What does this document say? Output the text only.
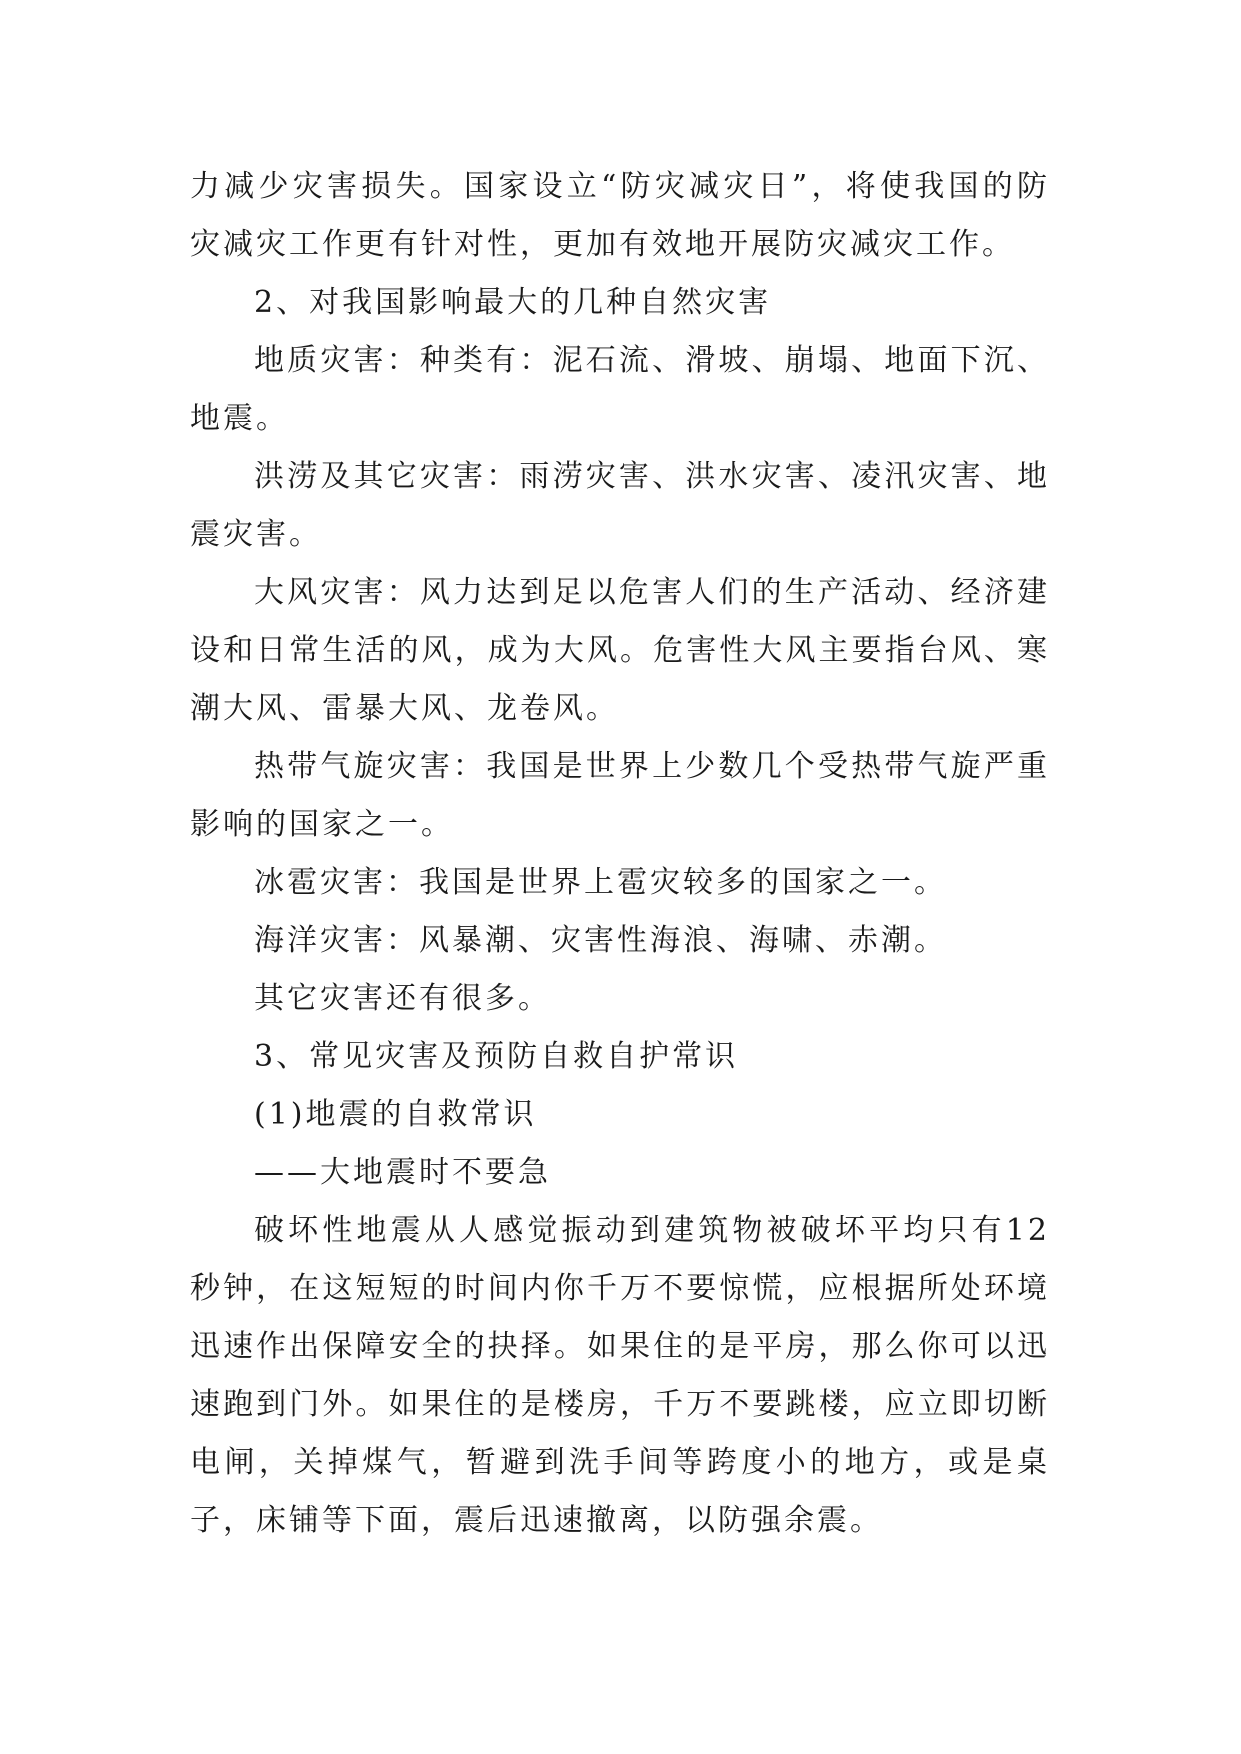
力减少灾害损失。国家设立“防灾减灾日”，将使我国的防灾减灾工作更有针对性，更加有效地开展防灾减灾工作。

2、对我国影响最大的几种自然灾害

地质灾害：种类有：泥石流、滑坡、崩塌、地面下沉、地震。

洪涝及其它灾害：雨涝灾害、洪水灾害、凌汛灾害、地震灾害。

大风灾害：风力达到足以危害人们的生产活动、经济建设和日常生活的风，成为大风。危害性大风主要指台风、寒潮大风、雷暴大风、龙卷风。

热带气旋灾害：我国是世界上少数几个受热带气旋严重影响的国家之一。

冰雹灾害：我国是世界上雹灾较多的国家之一。

海洋灾害：风暴潮、灾害性海浪、海啸、赤潮。

其它灾害还有很多。

3、常见灾害及预防自救自护常识

(1)地震的自救常识

——大地震时不要急

破坏性地震从人感觉振动到建筑物被破坏平均只有12秒钟，在这短短的时间内你千万不要惊慌，应根据所处环境迅速作出保障安全的抉择。如果住的是平房，那么你可以迅速跑到门外。如果住的是楼房，千万不要跳楼，应立即切断电闸，关掉煤气，暂避到洗手间等跨度小的地方，或是桌子，床铺等下面，震后迅速撤离，以防强余震。
